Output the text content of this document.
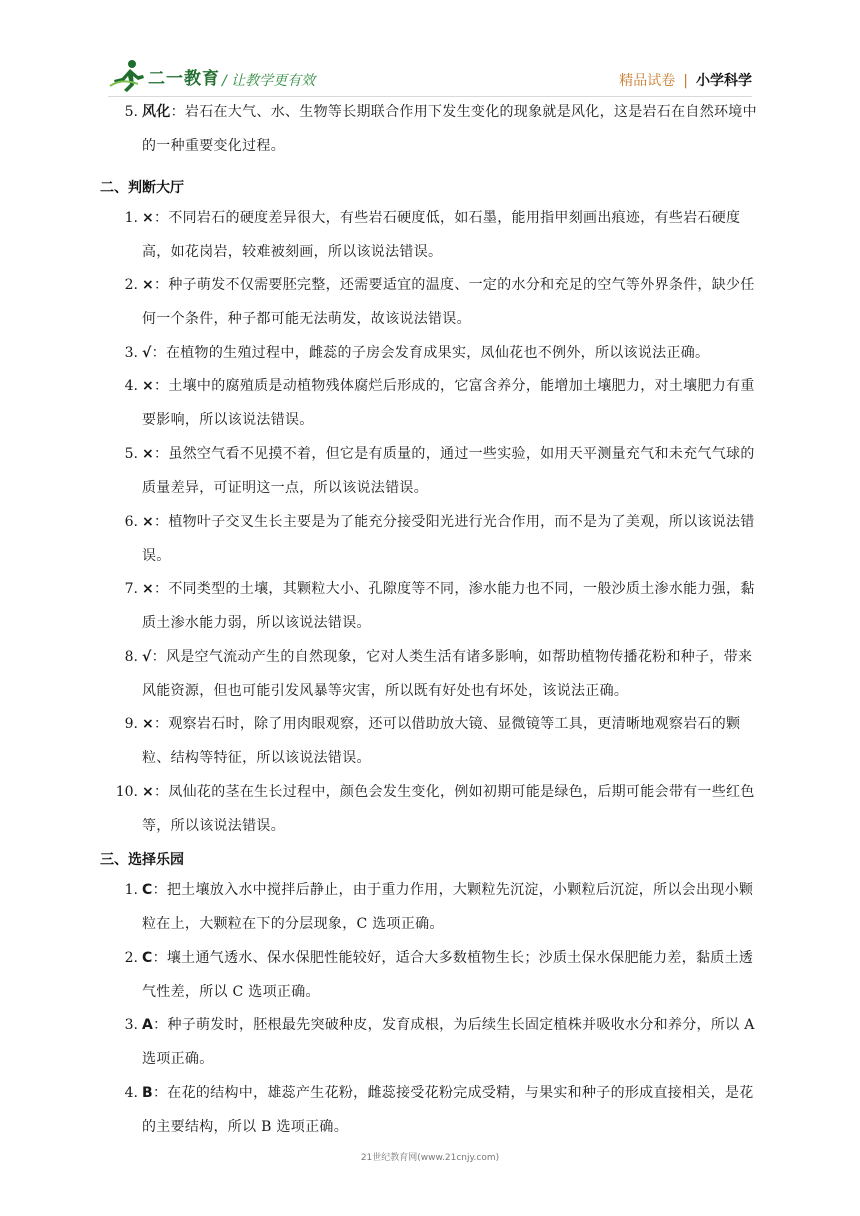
二一教育 / 让教学更有效	精品试卷 | 小学科学
5. 风化：岩石在大气、水、生物等长期联合作用下发生变化的现象就是风化，这是岩石在自然环境中的一种重要变化过程。
二、判断大厅
1. ×：不同岩石的硬度差异很大，有些岩石硬度低，如石墨，能用指甲刻画出痕迹，有些岩石硬度高，如花岗岩，较难被刻画，所以该说法错误。
2. ×：种子萌发不仅需要胚完整，还需要适宜的温度、一定的水分和充足的空气等外界条件，缺少任何一个条件，种子都可能无法萌发，故该说法错误。
3. √：在植物的生殖过程中，雌蕊的子房会发育成果实，凤仙花也不例外，所以该说法正确。
4. ×：土壤中的腐殖质是动植物残体腐烂后形成的，它富含养分，能增加土壤肥力，对土壤肥力有重要影响，所以该说法错误。
5. ×：虽然空气看不见摸不着，但它是有质量的，通过一些实验，如用天平测量充气和未充气气球的质量差异，可证明这一点，所以该说法错误。
6. ×：植物叶子交叉生长主要是为了能充分接受阳光进行光合作用，而不是为了美观，所以该说法错误。
7. ×：不同类型的土壤，其颗粒大小、孔隙度等不同，渗水能力也不同，一般沙质土渗水能力强，黏质土渗水能力弱，所以该说法错误。
8. √：风是空气流动产生的自然现象，它对人类生活有诸多影响，如帮助植物传播花粉和种子，带来风能资源，但也可能引发风暴等灾害，所以既有好处也有坏处，该说法正确。
9. ×：观察岩石时，除了用肉眼观察，还可以借助放大镜、显微镜等工具，更清晰地观察岩石的颗粒、结构等特征，所以该说法错误。
10. ×：凤仙花的茎在生长过程中，颜色会发生变化，例如初期可能是绿色，后期可能会带有一些红色等，所以该说法错误。
三、选择乐园
1. C：把土壤放入水中搅拌后静止，由于重力作用，大颗粒先沉淀，小颗粒后沉淀，所以会出现小颗粒在上，大颗粒在下的分层现象，C 选项正确。
2. C：壤土通气透水、保水保肥性能较好，适合大多数植物生长；沙质土保水保肥能力差，黏质土透气性差，所以 C 选项正确。
3. A：种子萌发时，胚根最先突破种皮，发育成根，为后续生长固定植株并吸收水分和养分，所以 A 选项正确。
4. B：在花的结构中，雄蕊产生花粉，雌蕊接受花粉完成受精，与果实和种子的形成直接相关，是花的主要结构，所以 B 选项正确。
21世纪教育网(www.21cnjy.com)
